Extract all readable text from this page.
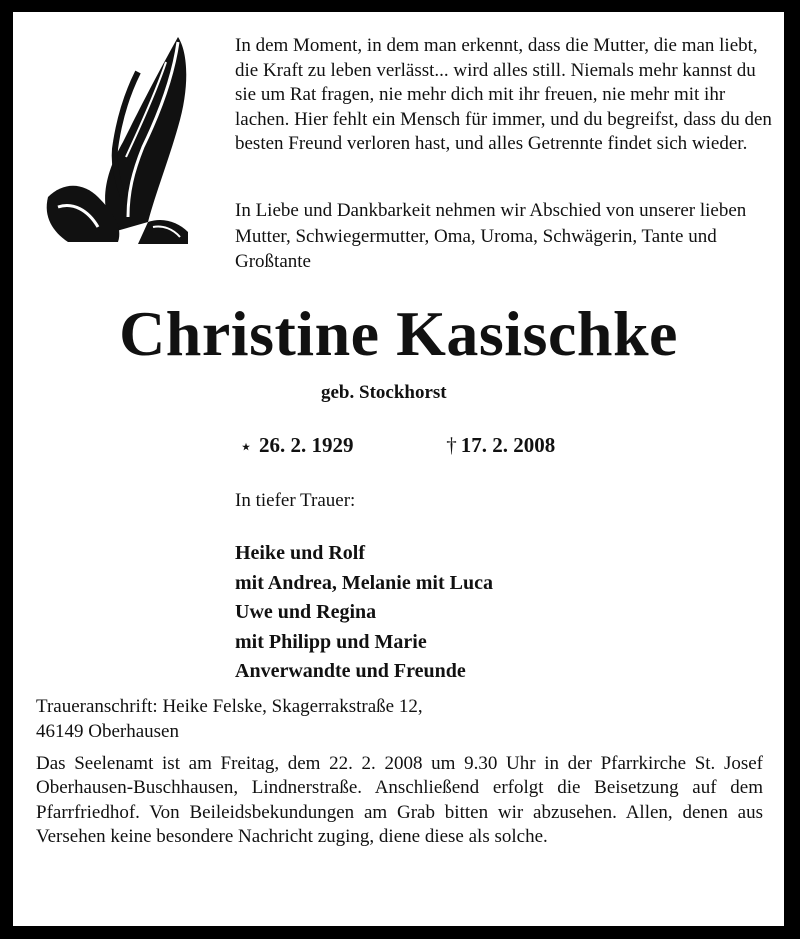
In dem Moment, in dem man erkennt, dass die Mutter, die man liebt, die Kraft zu leben verlässt... wird alles still. Niemals mehr kannst du sie um Rat fragen, nie mehr dich mit ihr freuen, nie mehr mit ihr lachen. Hier fehlt ein Mensch für immer, und du begreifst, dass du den besten Freund verloren hast, und alles Getrennte findet sich wieder.
In Liebe und Dankbarkeit nehmen wir Abschied von unserer lieben Mutter, Schwiegermutter, Oma, Uroma, Schwägerin, Tante und Großtante
Christine Kasischke
geb. Stockhorst
⋆ 26. 2. 1929	† 17. 2. 2008
In tiefer Trauer:
Heike und Rolf
mit Andrea, Melanie mit Luca
Uwe und Regina
mit Philipp und Marie
Anverwandte und Freunde
Traueranschrift: Heike Felske, Skagerrakstraße 12,
46149 Oberhausen
Das Seelenamt ist am Freitag, dem 22. 2. 2008 um 9.30 Uhr in der Pfarrkirche St. Josef Oberhausen-Buschhausen, Lindnerstraße. Anschließend erfolgt die Beisetzung auf dem Pfarrfriedhof. Von Beileidsbekundungen am Grab bitten wir abzusehen. Allen, denen aus Versehen keine besondere Nachricht zuging, diene diese als solche.
